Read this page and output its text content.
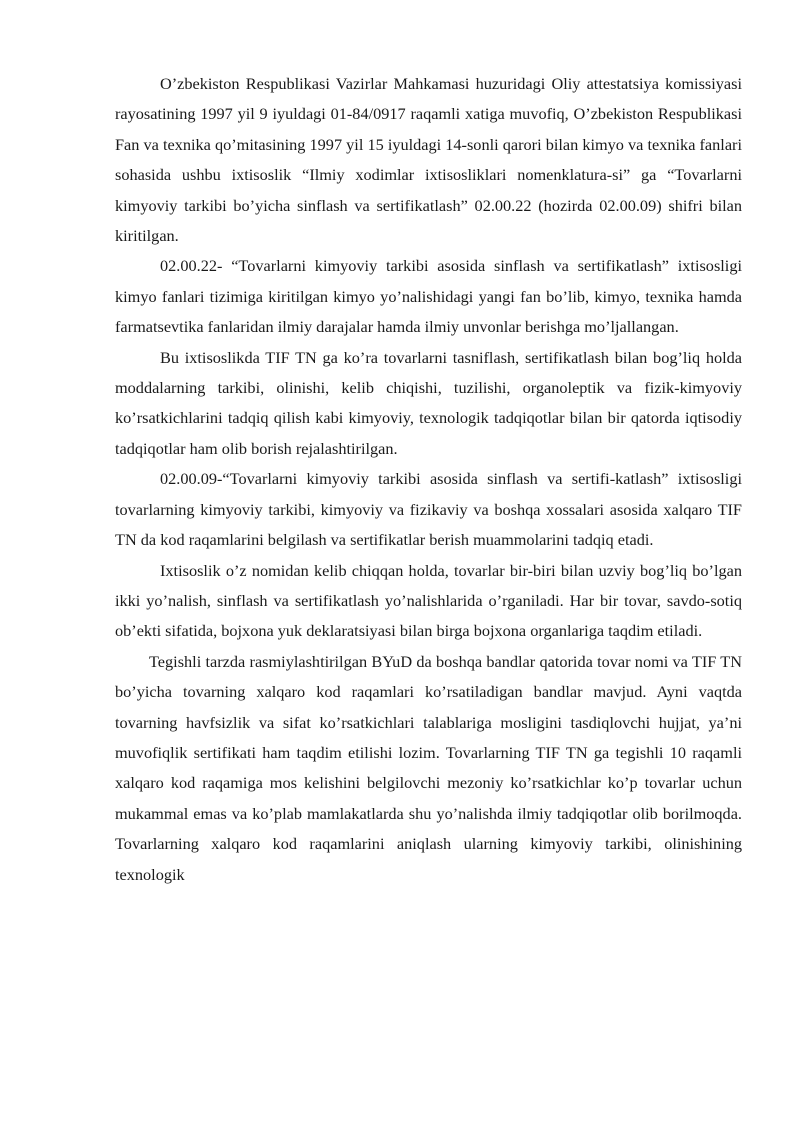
O’zbekiston Respublikasi Vazirlar Mahkamasi huzuridagi Oliy attestatsiya komissiyasi rayosatining 1997 yil 9 iyuldagi 01-84/0917 raqamli xatiga muvofiq, O’zbekiston Respublikasi Fan va texnika qo’mitasining 1997 yil 15 iyuldagi 14-sonli qarori bilan kimyo va texnika fanlari sohasida ushbu ixtisoslik “Ilmiy xodimlar ixtisosliklari nomenklatura-si” ga “Tovarlarni kimyoviy tarkibi bo’yicha sinflash va sertifikatlash” 02.00.22 (hozirda 02.00.09) shifri bilan kiritilgan.

02.00.22- “Tovarlarni kimyoviy tarkibi asosida sinflash va sertifikatlash” ixtisosligi kimyo fanlari tizimiga kiritilgan kimyo yo’nalishidagi yangi fan bo’lib, kimyo, texnika hamda farmatsevtika fanlaridan ilmiy darajalar hamda ilmiy unvonlar berishga mo’ljallangan.

Bu ixtisoslikda TIF TN ga ko’ra tovarlarni tasniflash, sertifikatlash bilan bog’liq holda moddalarning tarkibi, olinishi, kelib chiqishi, tuzilishi, organoleptik va fizik-kimyoviy ko’rsatkichlarini tadqiq qilish kabi kimyoviy, texnologik tadqiqotlar bilan bir qatorda iqtisodiy tadqiqotlar ham olib borish rejalashtirilgan.

02.00.09-“Tovarlarni kimyoviy tarkibi asosida sinflash va sertifi-katlash” ixtisosligi tovarlarning kimyoviy tarkibi, kimyoviy va fizikaviy va boshqa xossalari asosida xalqaro TIF TN da kod raqamlarini belgilash va sertifikatlar berish muammolarini tadqiq etadi.

Ixtisoslik o’z nomidan kelib chiqqan holda, tovarlar bir-biri bilan uzviy bog’liq bo’lgan ikki yo’nalish, sinflash va sertifikatlash yo’nalishlarida o’rganiladi. Har bir tovar, savdo-sotiq ob’ekti sifatida, bojxona yuk deklaratsiyasi bilan birga bojxona organlariga taqdim etiladi.

Tegishli tarzda rasmiylashtirilgan BYuD da boshqa bandlar qatorida tovar nomi va TIF TN bo’yicha tovarning xalqaro kod raqamlari ko’rsatiladigan bandlar mavjud. Ayni vaqtda tovarning havfsizlik va sifat ko’rsatkichlari talablariga mosligini tasdiqlovchi hujjat, ya’ni muvofiqlik sertifikati ham taqdim etilishi lozim. Tovarlarning TIF TN ga tegishli 10 raqamli xalqaro kod raqamiga mos kelishini belgilovchi mezoniy ko’rsatkichlar ko’p tovarlar uchun mukammal emas va ko’plab mamlakatlarda shu yo’nalishda ilmiy tadqiqotlar olib borilmoqda. Tovarlarning xalqaro kod raqamlarini aniqlash ularning kimyoviy tarkibi, olinishining texnologik
